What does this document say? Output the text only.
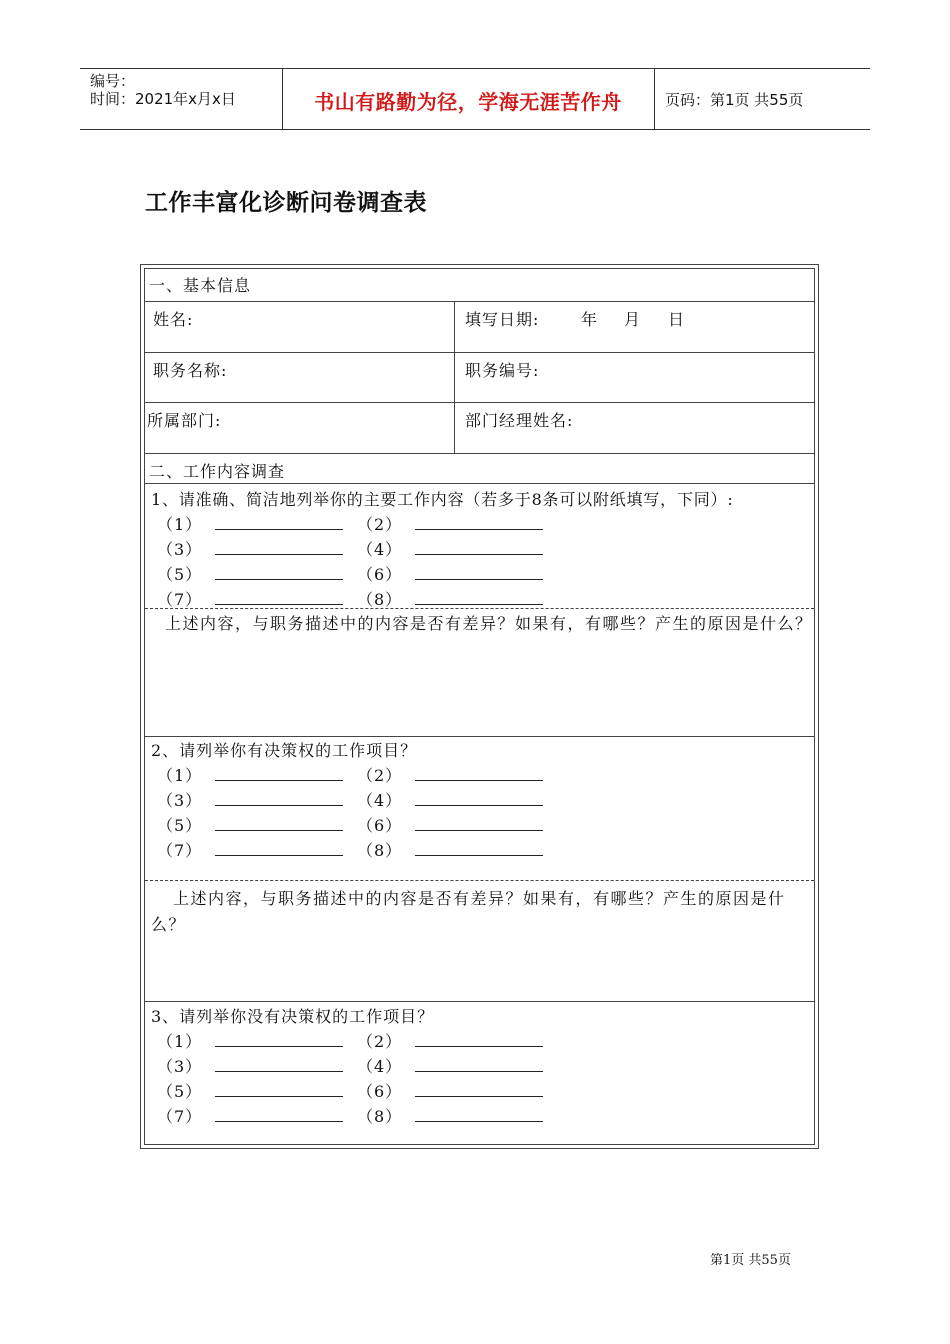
编号：
时间：2021年x月x日	书山有路勤为径，学海无涯苦作舟	页码：第1页 共55页
工作丰富化诊断问卷调查表
一、基本信息
姓名:	填写日期:	年 月 日
职务名称:	职务编号:
所属部门:	部门经理姓名:
二、工作内容调查
1、请准确、简洁地列举你的主要工作内容（若多于8条可以附纸填写，下同）:
（1）	（2）
（3）	（4）
（5）	（6）
（7）	（8）
上述内容，与职务描述中的内容是否有差异？如果有，有哪些？产生的原因是什么？
2、请列举你有决策权的工作项目？
（1）	（2）
（3）	（4）
（5）	（6）
（7）	（8）
上述内容，与职务描述中的内容是否有差异？如果有，有哪些？产生的原因是什么？
3、请列举你没有决策权的工作项目？
（1）	（2）
（3）	（4）
（5）	（6）
（7）	（8）
第1页 共55页
